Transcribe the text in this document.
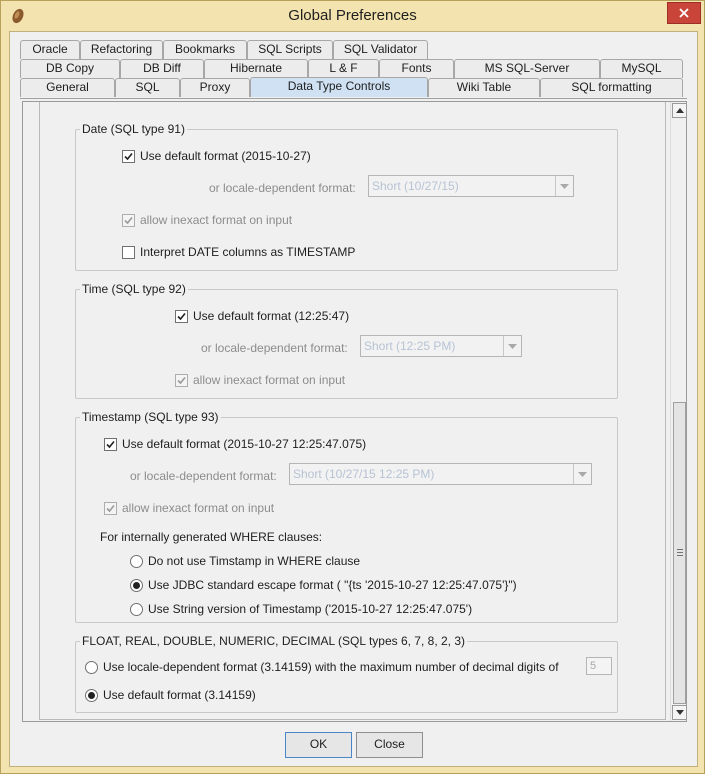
Global Preferences
Oracle	Refactoring	Bookmarks	SQL Scripts	SQL Validator
DB Copy	DB Diff	Hibernate	L & F	Fonts	MS SQL-Server	MySQL
General	SQL	Proxy	Data Type Controls	Wiki Table	SQL formatting
Date (SQL type 91)
Use default format (2015-10-27)
or locale-dependent format: Short (10/27/15)
allow inexact format on input
Interpret DATE columns as TIMESTAMP
Time (SQL type 92)
Use default format (12:25:47)
or locale-dependent format: Short (12:25 PM)
allow inexact format on input
Timestamp (SQL type 93)
Use default format (2015-10-27 12:25:47.075)
or locale-dependent format: Short (10/27/15 12:25 PM)
allow inexact format on input
For internally generated WHERE clauses:
Do not use Timstamp in WHERE clause
Use JDBC standard escape format ( "{ts '2015-10-27 12:25:47.075'}")
Use String version of Timestamp ('2015-10-27 12:25:47.075')
FLOAT, REAL, DOUBLE, NUMERIC, DECIMAL (SQL types 6, 7, 8, 2, 3)
Use locale-dependent format (3.14159) with the maximum number of decimal digits of	5
Use default format (3.14159)
OK	Close
